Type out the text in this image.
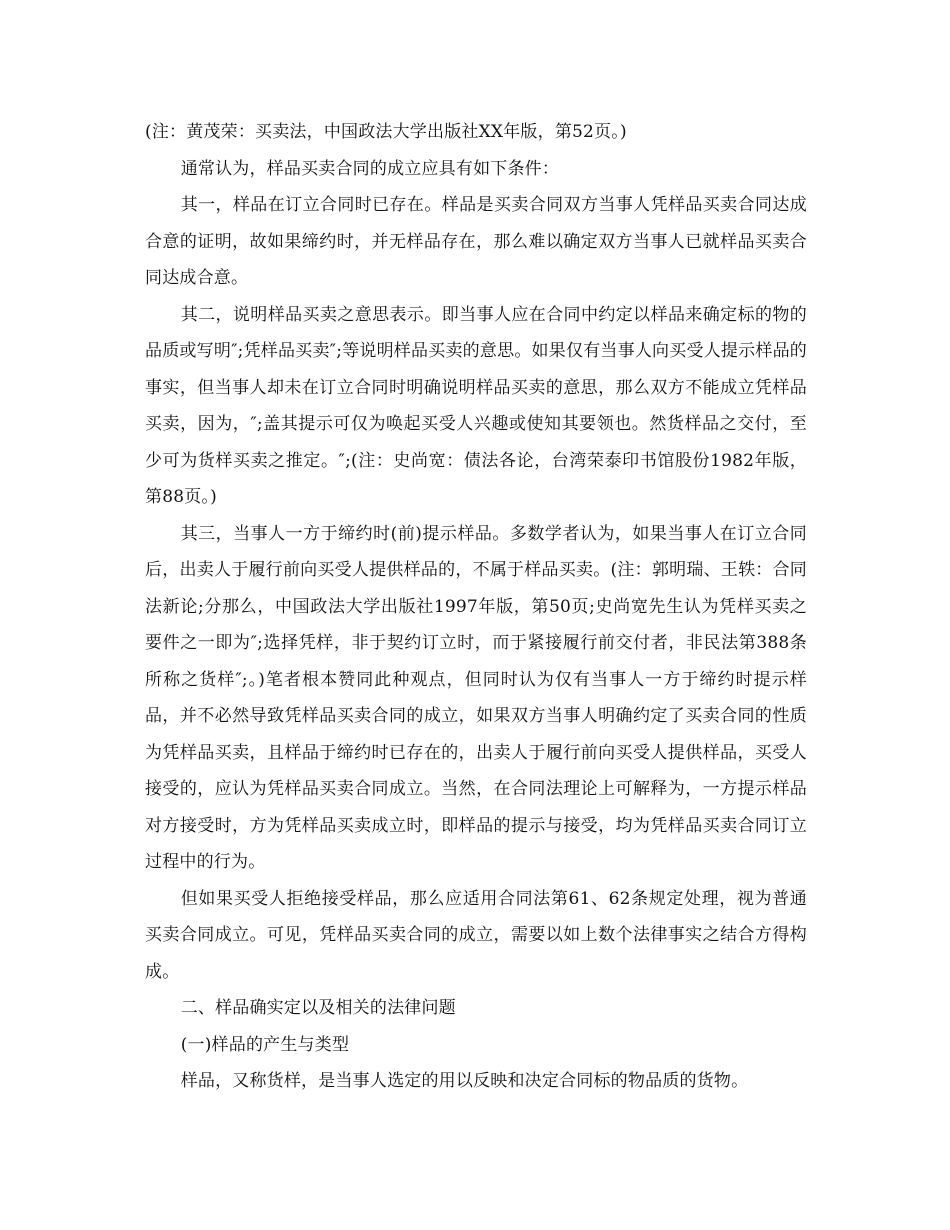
(注：黄茂荣：买卖法，中国政法大学出版社XX年版，第52页。)

通常认为，样品买卖合同的成立应具有如下条件：

其一，样品在订立合同时已存在。样品是买卖合同双方当事人凭样品买卖合同达成合意的证明，故如果缔约时，并无样品存在，那么难以确定双方当事人已就样品买卖合同达成合意。

其二，说明样品买卖之意思表示。即当事人应在合同中约定以样品来确定标的物的品质或写明″;凭样品买卖″;等说明样品买卖的意思。如果仅有当事人向买受人提示样品的事实，但当事人却未在订立合同时明确说明样品买卖的意思，那么双方不能成立凭样品买卖，因为，″;盖其提示可仅为唤起买受人兴趣或使知其要领也。然货样品之交付，至少可为货样买卖之推定。″;(注：史尚宽：债法各论，台湾荣泰印书馆股份1982年版，第88页。)

其三，当事人一方于缔约时(前)提示样品。多数学者认为，如果当事人在订立合同后，出卖人于履行前向买受人提供样品的，不属于样品买卖。(注：郭明瑞、王轶：合同法新论;分那么，中国政法大学出版社1997年版，第50页;史尚宽先生认为凭样买卖之要件之一即为″;选择凭样，非于契约订立时，而于紧接履行前交付者，非民法第388条所称之货样″;。)笔者根本赞同此种观点，但同时认为仅有当事人一方于缔约时提示样品，并不必然导致凭样品买卖合同的成立，如果双方当事人明确约定了买卖合同的性质为凭样品买卖，且样品于缔约时已存在的，出卖人于履行前向买受人提供样品，买受人接受的，应认为凭样品买卖合同成立。当然，在合同法理论上可解释为，一方提示样品对方接受时，方为凭样品买卖成立时，即样品的提示与接受，均为凭样品买卖合同订立过程中的行为。

但如果买受人拒绝接受样品，那么应适用合同法第61、62条规定处理，视为普通买卖合同成立。可见，凭样品买卖合同的成立，需要以如上数个法律事实之结合方得构成。

二、样品确实定以及相关的法律问题

(一)样品的产生与类型

样品，又称货样，是当事人选定的用以反映和决定合同标的物品质的货物。
